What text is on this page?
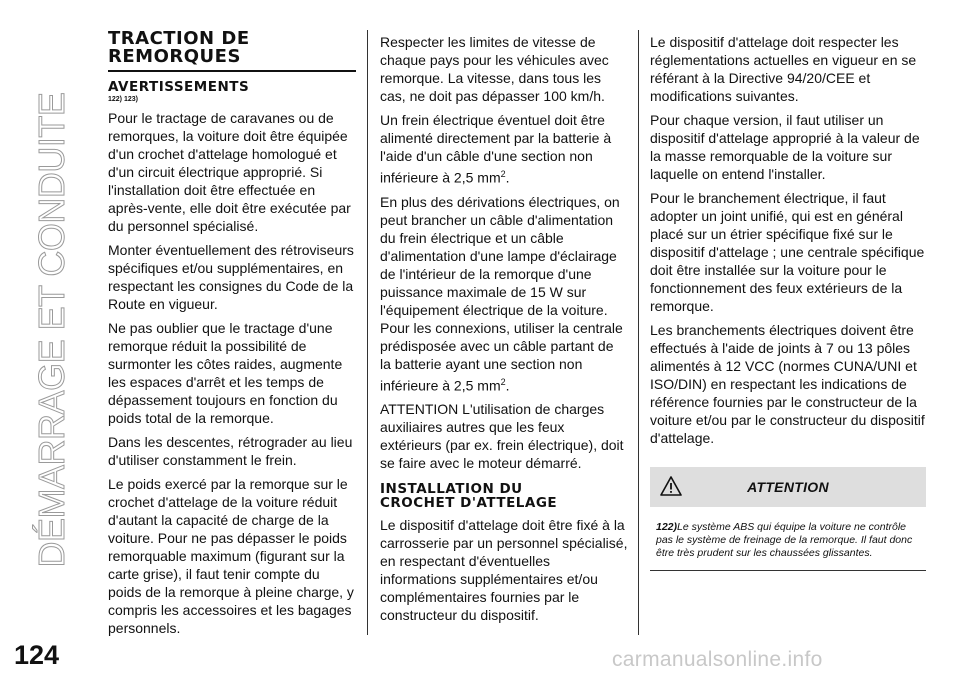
DÉMARRAGE ET CONDUITE
TRACTION DE
REMORQUES
AVERTISSEMENTS
122) 123)

Pour le tractage de caravanes ou de remorques, la voiture doit être équipée d'un crochet d'attelage homologué et d'un circuit électrique approprié. Si l'installation doit être effectuée en après-vente, elle doit être exécutée par du personnel spécialisé.

Monter éventuellement des rétroviseurs spécifiques et/ou supplémentaires, en respectant les consignes du Code de la Route en vigueur.

Ne pas oublier que le tractage d'une remorque réduit la possibilité de surmonter les côtes raides, augmente les espaces d'arrêt et les temps de dépassement toujours en fonction du poids total de la remorque.

Dans les descentes, rétrograder au lieu d'utiliser constamment le frein.

Le poids exercé par la remorque sur le crochet d'attelage de la voiture réduit d'autant la capacité de charge de la voiture. Pour ne pas dépasser le poids remorquable maximum (figurant sur la carte grise), il faut tenir compte du poids de la remorque à pleine charge, y compris les accessoires et les bagages personnels.

Respecter les limites de vitesse de chaque pays pour les véhicules avec remorque. La vitesse, dans tous les cas, ne doit pas dépasser 100 km/h.

Un frein électrique éventuel doit être alimenté directement par la batterie à l'aide d'un câble d'une section non inférieure à 2,5 $mm^2$.

En plus des dérivations électriques, on peut brancher un câble d'alimentation du frein électrique et un câble d'alimentation d'une lampe d'éclairage de l'intérieur de la remorque d'une puissance maximale de 15 W sur l'équipement électrique de la voiture. Pour les connexions, utiliser la centrale prédisposée avec un câble partant de la batterie ayant une section non inférieure à 2,5 $mm^2$.

ATTENTION L'utilisation de charges auxiliaires autres que les feux extérieurs (par ex. frein électrique), doit se faire avec le moteur démarré.

INSTALLATION DU
CROCHET D'ATTELAGE

Le dispositif d'attelage doit être fixé à la carrosserie par un personnel spécialisé, en respectant d'éventuelles informations supplémentaires et/ou complémentaires fournies par le constructeur du dispositif.

Le dispositif d'attelage doit respecter les réglementations actuelles en vigueur en se référant à la Directive 94/20/CEE et modifications suivantes.

Pour chaque version, il faut utiliser un dispositif d'attelage approprié à la valeur de la masse remorquable de la voiture sur laquelle on entend l'installer.

Pour le branchement électrique, il faut adopter un joint unifié, qui est en général placé sur un étrier spécifique fixé sur le dispositif d'attelage ; une centrale spécifique doit être installée sur la voiture pour le fonctionnement des feux extérieurs de la remorque.

Les branchements électriques doivent être effectués à l'aide de joints à 7 ou 13 pôles alimentés à 12 VCC (normes CUNA/UNI et ISO/DIN) en respectant les indications de référence fournies par le constructeur de la voiture et/ou par le constructeur du dispositif d'attelage.

ATTENTION
122)Le système ABS qui équipe la voiture ne contrôle pas le système de freinage de la remorque. Il faut donc être très prudent sur les chaussées glissantes.
124	carmanualsonline.info
